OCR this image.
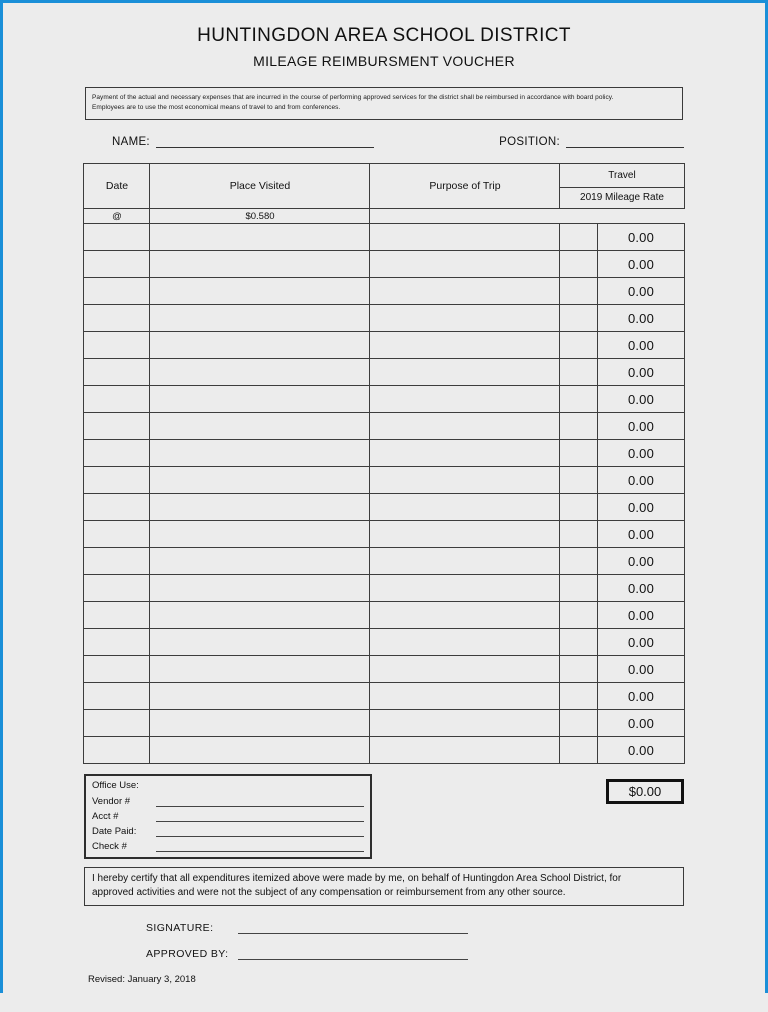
HUNTINGDON AREA SCHOOL DISTRICT
MILEAGE REIMBURSMENT VOUCHER
Payment of the actual and necessary expenses that are incurred in the course of performing approved services for the district shall be reimbursed in accordance with board policy.
Employees are to use the most economical means of travel to and from conferences.
NAME:	POSITION:
Date	Place Visited	Purpose of Trip	Travel	
			2019 Mileage Rate	
@	$0.580			
				0.00
				0.00
				0.00
				0.00
				0.00
				0.00
				0.00
				0.00
				0.00
				0.00
				0.00
				0.00
				0.00
				0.00
				0.00
				0.00
				0.00
				0.00
				0.00
				0.00
Office Use:
Vendor #
Acct #
Date Paid:
Check #
$0.00
I hereby certify that all expenditures itemized above were made by me, on behalf of Huntingdon Area School District, for
approved activities and were not the subject of any compensation or reimbursement from any other source.
SIGNATURE:
APPROVED BY:
Revised: January 3, 2018
